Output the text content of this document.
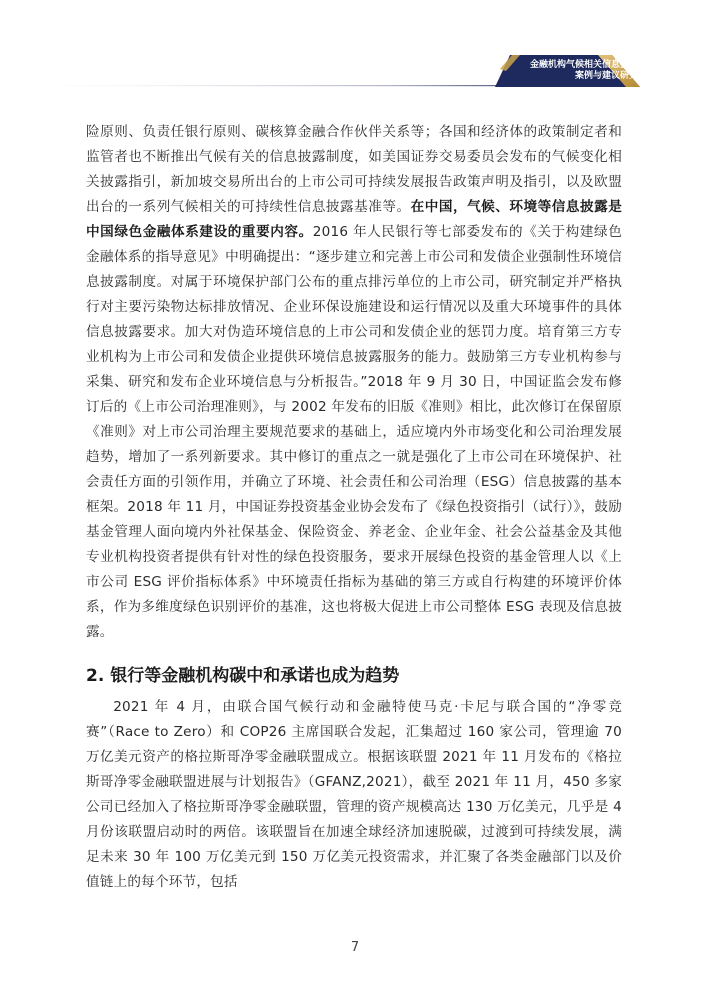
金融机构气候相关信息披露
案例与建议研究

险原则、负责任银行原则、碳核算金融合作伙伴关系等；各国和经济体的政策制定者和监管者也不断推出气候有关的信息披露制度，如美国证券交易委员会发布的气候变化相关披露指引，新加坡交易所出台的上市公司可持续发展报告政策声明及指引，以及欧盟出台的一系列气候相关的可持续性信息披露基准等。在中国，气候、环境等信息披露是中国绿色金融体系建设的重要内容。2016 年人民银行等七部委发布的《关于构建绿色金融体系的指导意见》中明确提出：“逐步建立和完善上市公司和发债企业强制性环境信息披露制度。对属于环境保护部门公布的重点排污单位的上市公司，研究制定并严格执行对主要污染物达标排放情况、企业环保设施建设和运行情况以及重大环境事件的具体信息披露要求。加大对伪造环境信息的上市公司和发债企业的惩罚力度。培育第三方专业机构为上市公司和发债企业提供环境信息披露服务的能力。鼓励第三方专业机构参与采集、研究和发布企业环境信息与分析报告。”2018 年 9 月 30 日，中国证监会发布修订后的《上市公司治理准则》，与 2002 年发布的旧版《准则》相比，此次修订在保留原《准则》对上市公司治理主要规范要求的基础上，适应境内外市场变化和公司治理发展趋势，增加了一系列新要求。其中修订的重点之一就是强化了上市公司在环境保护、社会责任方面的引领作用，并确立了环境、社会责任和公司治理（ESG）信息披露的基本框架。2018 年 11 月，中国证券投资基金业协会发布了《绿色投资指引（试行）》，鼓励基金管理人面向境内外社保基金、保险资金、养老金、企业年金、社会公益基金及其他专业机构投资者提供有针对性的绿色投资服务，要求开展绿色投资的基金管理人以《上市公司 ESG 评价指标体系》中环境责任指标为基础的第三方或自行构建的环境评价体系，作为多维度绿色识别评价的基准，这也将极大促进上市公司整体 ESG 表现及信息披露。

2. 银行等金融机构碳中和承诺也成为趋势

2021 年 4 月，由联合国气候行动和金融特使马克·卡尼与联合国的“净零竞赛”（Race to Zero）和 COP26 主席国联合发起，汇集超过 160 家公司，管理逾 70 万亿美元资产的格拉斯哥净零金融联盟成立。根据该联盟 2021 年 11 月发布的《格拉斯哥净零金融联盟进展与计划报告》（GFANZ,2021），截至 2021 年 11 月，450 多家公司已经加入了格拉斯哥净零金融联盟，管理的资产规模高达 130 万亿美元，几乎是 4 月份该联盟启动时的两倍。该联盟旨在加速全球经济加速脱碳，过渡到可持续发展，满足未来 30 年 100 万亿美元到 150 万亿美元投资需求，并汇聚了各类金融部门以及价值链上的每个环节，包括

7
